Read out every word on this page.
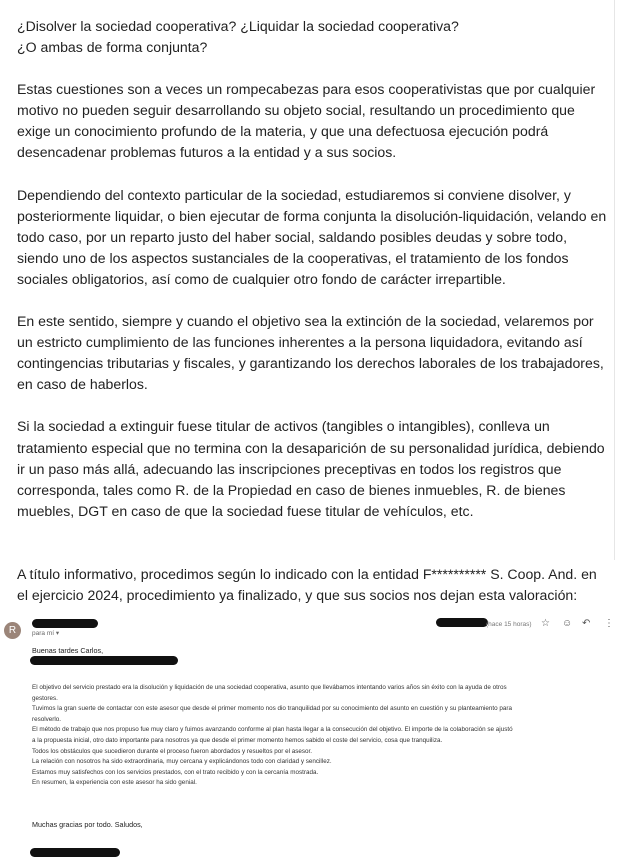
¿Disolver la sociedad cooperativa? ¿Liquidar la sociedad cooperativa?
¿O ambas de forma conjunta?

Estas cuestiones son a veces un rompecabezas para esos cooperativistas que por cualquier motivo no pueden seguir desarrollando su objeto social, resultando un procedimiento que exige un conocimiento profundo de la materia, y que una defectuosa ejecución podrá desencadenar problemas futuros a la entidad y a sus socios.

Dependiendo del contexto particular de la sociedad, estudiaremos si conviene disolver, y posteriormente liquidar, o bien ejecutar de forma conjunta la disolución-liquidación, velando en todo caso, por un reparto justo del haber social, saldando posibles deudas y sobre todo, siendo uno de los aspectos sustanciales de la cooperativas, el tratamiento de los fondos sociales obligatorios, así como de cualquier otro fondo de carácter irrepartible.

En este sentido, siempre y cuando el objetivo sea la extinción de la sociedad, velaremos por un estricto cumplimiento de las funciones inherentes a la persona liquidadora, evitando así contingencias tributarias y fiscales, y garantizando los derechos laborales de los trabajadores, en caso de haberlos.

Si la sociedad a extinguir fuese titular de activos (tangibles o intangibles), conlleva un tratamiento especial que no termina con la desaparición de su personalidad jurídica, debiendo ir un paso más allá, adecuando las inscripciones preceptivas en todos los registros que corresponda, tales como R. de la Propiedad en caso de bienes inmuebles, R. de bienes muebles, DGT en caso de que la sociedad fuese titular de vehículos, etc.

A título informativo, procedimos según lo indicado con la entidad F********** S. Coop. And. en el ejercicio 2024, procedimiento ya finalizado, y que sus socios nos dejan esta valoración:

R	para mí ▾
(hace 15 horas) ☆ ☺ ↶ ⋮
Buenas tardes Carlos,
El objetivo del servicio prestado era la disolución y liquidación de una sociedad cooperativa, asunto que llevábamos intentando varios años sin éxito con la ayuda de otros
gestores.
Tuvimos la gran suerte de contactar con este asesor que desde el primer momento nos dio tranquilidad por su conocimiento del asunto en cuestión y su planteamiento para
resolverlo.
El método de trabajo que nos propuso fue muy claro y fuimos avanzando conforme al plan hasta llegar a la consecución del objetivo. El importe de la colaboración se ajustó
a la propuesta inicial, otro dato importante para nosotros ya que desde el primer momento hemos sabido el coste del servicio, cosa que tranquiliza.
Todos los obstáculos que sucedieron durante el proceso fueron abordados y resueltos por el asesor.
La relación con nosotros ha sido extraordinaria, muy cercana y explicándonos todo con claridad y sencillez.
Estamos muy satisfechos con los servicios prestados, con el trato recibido y con la cercanía mostrada.
En resumen, la experiencia con este asesor ha sido genial.
Muchas gracias por todo. Saludos,
